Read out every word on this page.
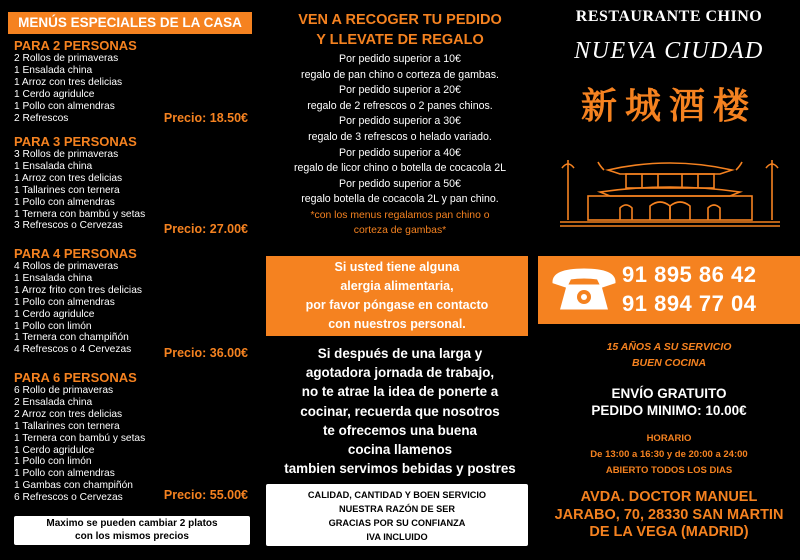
MENÚS ESPECIALES DE LA CASA
PARA 2 PERSONAS
2 Rollos de primaveras
1 Ensalada china
1 Arroz con tres delicias
1 Cerdo agridulce
1 Pollo con almendras
2 Refrescos	Precio: 18.50€
PARA 3 PERSONAS
3 Rollos de primaveras
1 Ensalada china
1 Arroz con tres delicias
1 Tallarines con ternera
1 Pollo con almendras
1 Ternera con bambú y setas
3 Refrescos o Cervezas	Precio: 27.00€
PARA 4 PERSONAS
4 Rollos de primaveras
1 Ensalada china
1 Arroz frito con tres delicias
1 Pollo con almendras
1 Cerdo agridulce
1 Pollo con limón
1 Ternera con champiñón
4 Refrescos o 4 Cervezas	Precio: 36.00€
PARA 6 PERSONAS
6 Rollo de primaveras
2 Ensalada china
2 Arroz con tres delicias
1 Tallarines con ternera
1 Ternera con bambú y setas
1 Cerdo agridulce
1 Pollo con limón
1 Pollo con almendras
1 Gambas con champiñón
6 Refrescos o Cervezas	Precio: 55.00€
Maximo se pueden cambiar 2 platos
con los mismos precios
VEN A RECOGER TU PEDIDO
Y LLEVATE DE REGALO
Por pedido superior a 10€
regalo de pan chino o corteza de gambas.
Por pedido superior a 20€
regalo de 2 refrescos o 2 panes chinos.
Por pedido superior a 30€
regalo de 3 refrescos o helado variado.
Por pedido superior a 40€
regalo de licor chino o botella de cocacola 2L
Por pedido superior a 50€
regalo botella de cocacola 2L y pan chino.
*con los menus regalamos pan chino o
corteza de gambas*
Si usted tiene alguna
alergia alimentaria,
por favor póngase en contacto
con nuestros personal.
Si después de una larga y
agotadora jornada de trabajo,
no te atrae la idea de ponerte a
cocinar, recuerda que nosotros
te ofrecemos una buena
cocina llamenos
tambien servimos bebidas y postres
CALIDAD, CANTIDAD Y BOEN SERVICIO
NUESTRA RAZÓN DE SER
GRACIAS POR SU CONFIANZA
IVA INCLUIDO
RESTAURANTE CHINO
NUEVA CIUDAD
新城酒楼
91 895 86 42
91 894 77 04
15 AÑOS A SU SERVICIO
BUEN COCINA
ENVÍO GRATUITO
PEDIDO MINIMO: 10.00€
HORARIO
De 13:00 a 16:30 y de 20:00 a 24:00
ABIERTO TODOS LOS DIAS
AVDA. DOCTOR MANUEL
JARABO, 70, 28330 SAN MARTIN
DE LA VEGA (MADRID)
